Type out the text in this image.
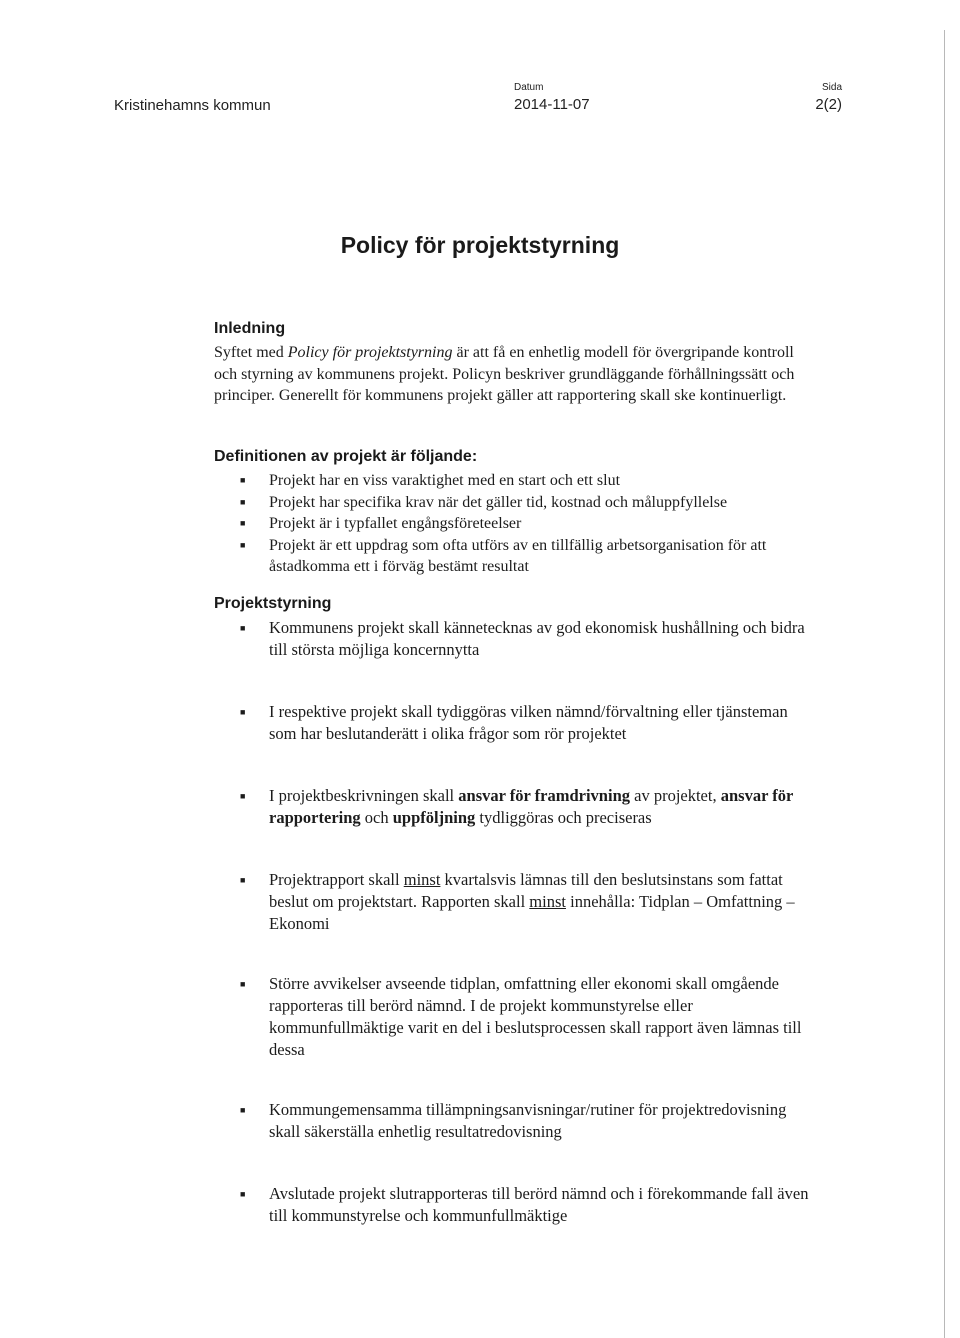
Kristinehamns kommun
Datum
2014-11-07
Sida
2(2)
Policy för projektstyrning
Inledning

Syftet med Policy för projektstyrning är att få en enhetlig modell för övergripande kontroll och styrning av kommunens projekt. Policyn beskriver grundläggande förhållningssätt och principer. Generellt för kommunens projekt gäller att rapportering skall ske kontinuerligt.

Definitionen av projekt är följande:
■ Projekt har en viss varaktighet med en start och ett slut
■ Projekt har specifika krav när det gäller tid, kostnad och måluppfyllelse
■ Projekt är i typfallet engångsföreteelser
■ Projekt är ett uppdrag som ofta utförs av en tillfällig arbetsorganisation för att åstadkomma ett i förväg bestämt resultat
Projektstyrning
■ Kommunens projekt skall kännetecknas av god ekonomisk hushållning och bidra till största möjliga koncernnytta
■ I respektive projekt skall tydiggöras vilken nämnd/förvaltning eller tjänsteman som har beslutanderätt i olika frågor som rör projektet
■ I projektbeskrivningen skall ansvar för framdrivning av projektet, ansvar för rapportering och uppföljning tydliggöras och preciseras
■ Projektrapport skall minst kvartalsvis lämnas till den beslutsinstans som fattat beslut om projektstart. Rapporten skall minst innehålla: Tidplan – Omfattning – Ekonomi
■ Större avvikelser avseende tidplan, omfattning eller ekonomi skall omgående rapporteras till berörd nämnd. I de projekt kommunstyrelse eller kommunfullmäktige varit en del i beslutsprocessen skall rapport även lämnas till dessa
■ Kommungemensamma tillämpningsanvisningar/rutiner för projektredovisning skall säkerställa enhetlig resultatredovisning
■ Avslutade projekt slutrapporteras till berörd nämnd och i förekommande fall även till kommunstyrelse och kommunfullmäktige
